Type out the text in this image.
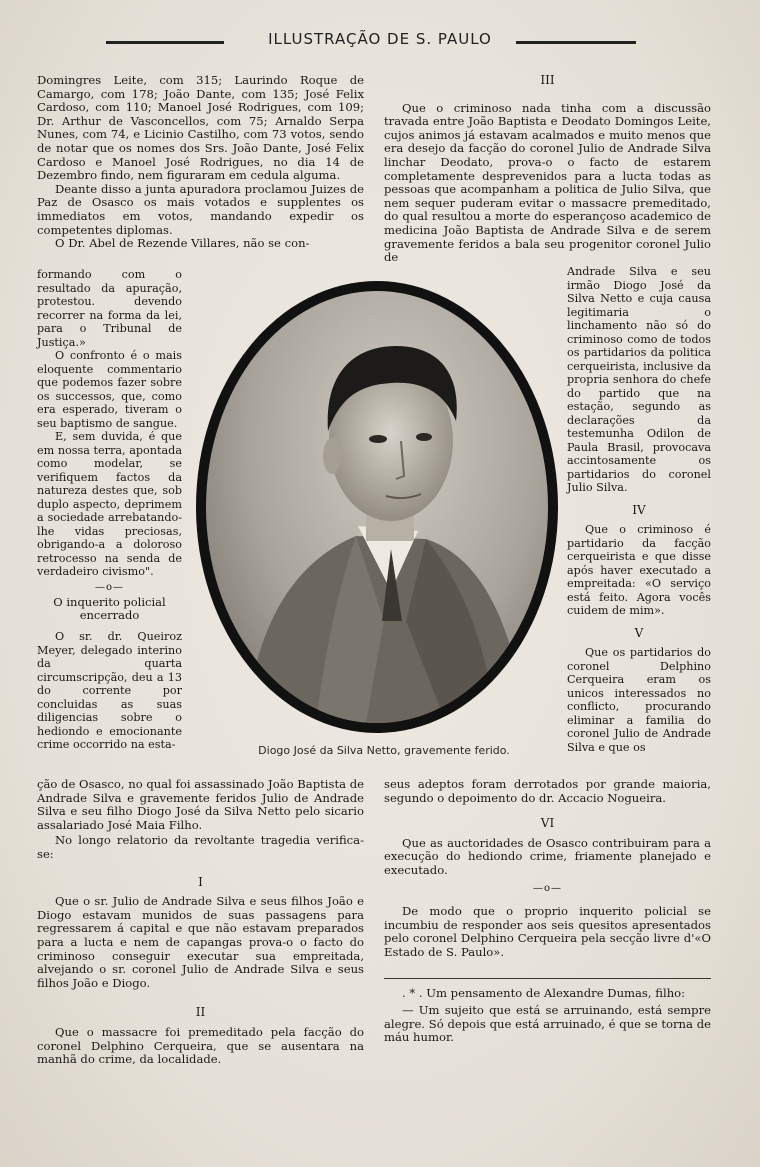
ILLUSTRAÇÃO DE S. PAULO

Domingres Leite, com 315; Laurindo Roque de Camargo, com 178; João Dante, com 135; José Felix Cardoso, com 110; Manoel José Rodrigues, com 109; Dr. Arthur de Vasconcellos, com 75; Arnaldo Serpa Nunes, com 74, e Licinio Castilho, com 73 votos, sendo de notar que os nomes dos Srs. João Dante, José Felix Cardoso e Manoel José Rodrigues, no dia 14 de Dezembro findo, nem figuraram em cedula alguma.

Deante disso a junta apuradora proclamou Juizes de Paz de Osasco os mais votados e supplentes os immediatos em votos, mandando expedir os competentes diplomas.

O Dr. Abel de Rezende Villares, não se con-

formando com o resultado da apuração, protestou. devendo recorrer na forma da lei, para o Tribunal de Justiça.»

O confronto é o mais eloquente commentario que podemos fazer sobre os successos, que, como era esperado, tiveram o seu baptismo de sangue.

E, sem duvida, é que em nossa terra, apontada como modelar, se verifiquem factos da natureza destes que, sob duplo aspecto, deprimem a sociedade arrebatando-lhe vidas preciosas, obrigando-a a doloroso retrocesso na senda de verdadeiro civismo".

—o—
O inquerito policial encerrado

O sr. dr. Queiroz Meyer, delegado interino da quarta circumscripção, deu a 13 do corrente por concluidas as suas diligencias sobre o hediondo e emocionante crime occorrido na esta-

ção de Osasco, no qual foi assassinado João Baptista de Andrade Silva e gravemente feridos Julio de Andrade Silva e seu filho Diogo José da Silva Netto pelo sicario assalariado José Maia Filho.

No longo relatorio da revoltante tragedia verifica-se:

I

Que o sr. Julio de Andrade Silva e seus filhos João e Diogo estavam munidos de suas passagens para regressarem á capital e que não estavam preparados para a lucta e nem de capangas prova-o o facto do criminoso conseguir executar sua empreitada, alvejando o sr. coronel Julio de Andrade Silva e seus filhos João e Diogo.

II

Que o massacre foi premeditado pela facção do coronel Delphino Cerqueira, que se ausentara na manhã do crime, da localidade.

III

Que o criminoso nada tinha com a discussão travada entre João Baptista e Deodato Domingos Leite, cujos animos já estavam acalmados e muito menos que era desejo da facção do coronel Julio de Andrade Silva linchar Deodato, prova-o o facto de estarem completamente desprevenidos para a lucta todas as pessoas que acompanham a politica de Julio Silva, que nem sequer puderam evitar o massacre premeditado, do qual resultou a morte do esperançoso academico de medicina João Baptista de Andrade Silva e de serem gravemente feridos a bala seu progenitor coronel Julio de

Andrade Silva e seu irmão Diogo José da Silva Netto e cuja causa legitimaria o linchamento não só do criminoso como de todos os partidarios da politica cerqueirista, inclusive da propria senhora do chefe do partido que na estação, segundo as declarações da testemunha Odilon de Paula Brasil, provocava accintosamente os partidarios do coronel Julio Silva.

IV

Que o criminoso é partidario da facção cerqueirista e que disse após haver executado a empreitada: «O serviço está feito. Agora vocês cuidem de mim».

V

Que os partidarios do coronel Delphino Cerqueira eram os unicos interessados no conflicto, procurando eliminar a familia do coronel Julio de Andrade Silva e que os

seus adeptos foram derrotados por grande maioria, segundo o depoimento do dr. Accacio Nogueira.

VI

Que as auctoridades de Osasco contribuiram para a execução do hediondo crime, friamente planejado e executado.

—o—

De modo que o proprio inquerito policial se incumbiu de responder aos seis quesitos apresentados pelo coronel Delphino Cerqueira pela secção livre d'«O Estado de S. Paulo».

. * . Um pensamento de Alexandre Dumas, filho:

— Um sujeito que está se arruinando, está sempre alegre. Só depois que está arruinado, é que se torna de máu humor.

Diogo José da Silva Netto, gravemente ferido.
